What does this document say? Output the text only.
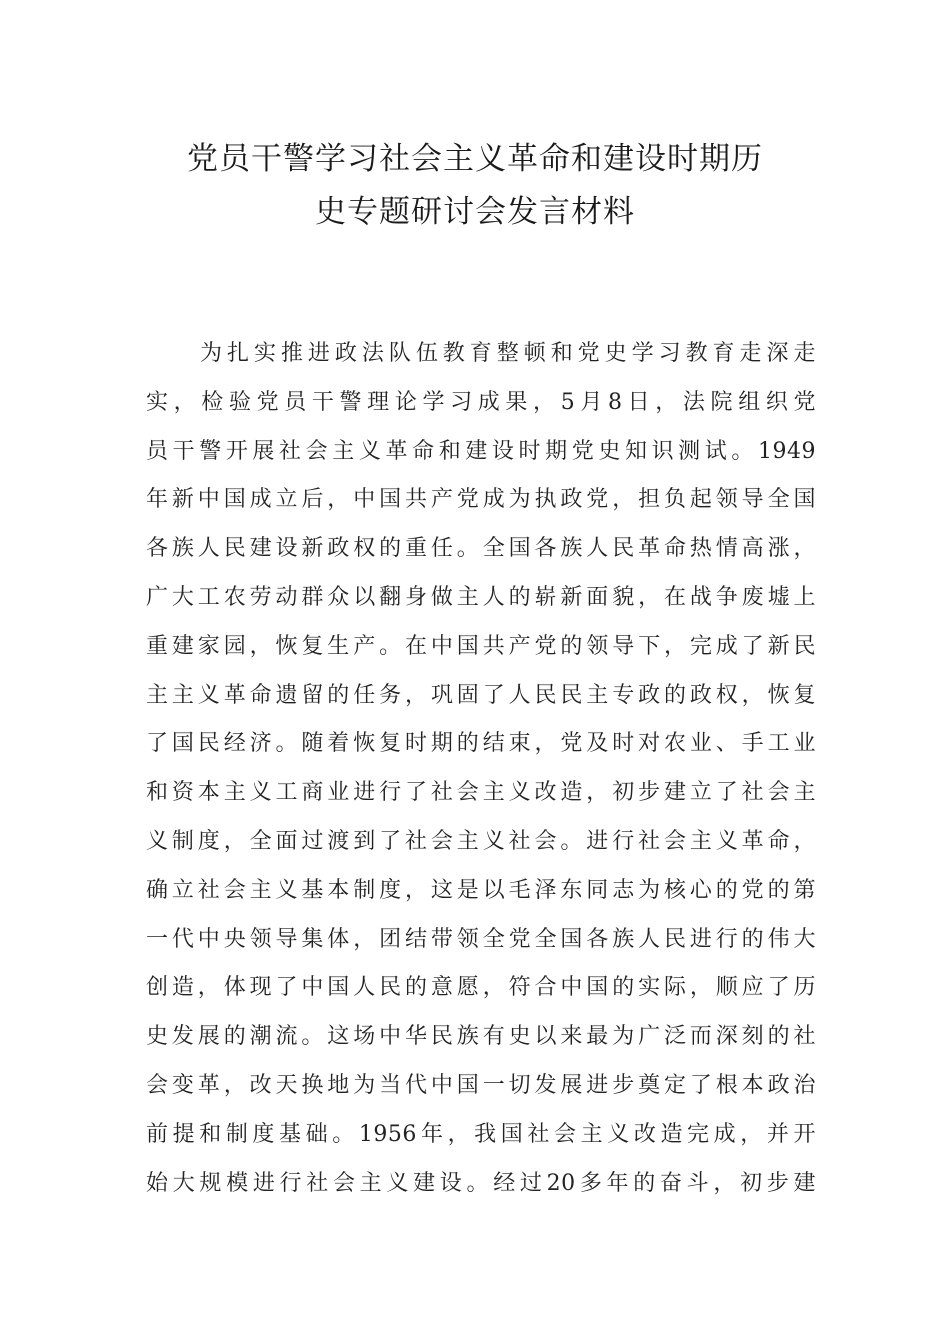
党员干警学习社会主义革命和建设时期历
史专题研讨会发言材料
为扎实推进政法队伍教育整顿和党史学习教育走深走
实，检验党员干警理论学习成果，5月8日，法院组织党
员干警开展社会主义革命和建设时期党史知识测试。1949
年新中国成立后，中国共产党成为执政党，担负起领导全国
各族人民建设新政权的重任。全国各族人民革命热情高涨，
广大工农劳动群众以翻身做主人的崭新面貌，在战争废墟上
重建家园，恢复生产。在中国共产党的领导下，完成了新民
主主义革命遗留的任务，巩固了人民民主专政的政权，恢复
了国民经济。随着恢复时期的结束，党及时对农业、手工业
和资本主义工商业进行了社会主义改造，初步建立了社会主
义制度，全面过渡到了社会主义社会。进行社会主义革命，
确立社会主义基本制度，这是以毛泽东同志为核心的党的第
一代中央领导集体，团结带领全党全国各族人民进行的伟大
创造，体现了中国人民的意愿，符合中国的实际，顺应了历
史发展的潮流。这场中华民族有史以来最为广泛而深刻的社
会变革，改天换地为当代中国一切发展进步奠定了根本政治
前提和制度基础。1956年，我国社会主义改造完成，并开
始大规模进行社会主义建设。经过20多年的奋斗，初步建
